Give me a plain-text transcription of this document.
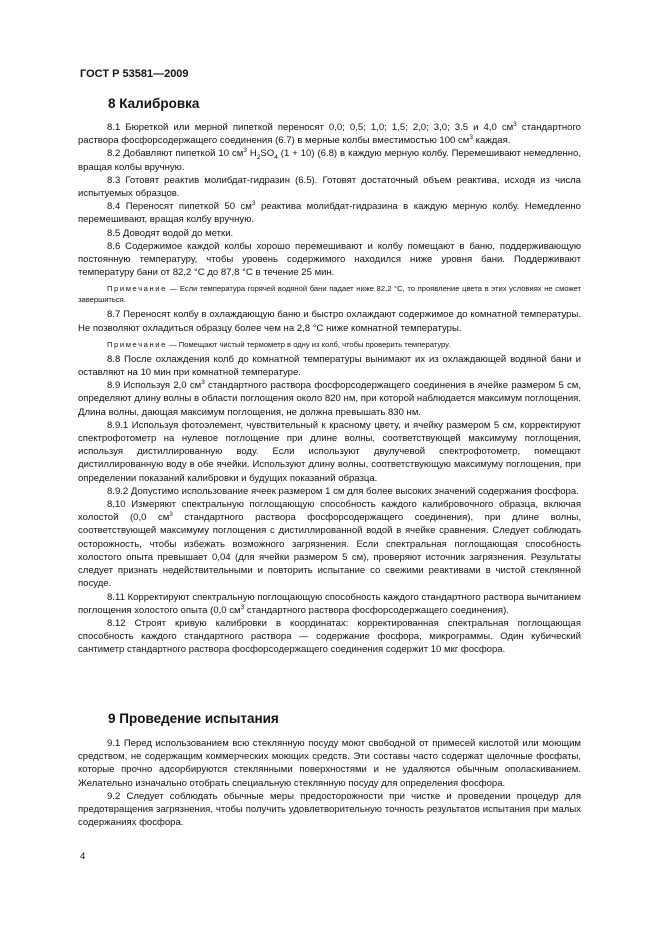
ГОСТ Р 53581—2009
8 Калибровка

8.1 Бюреткой или мерной пипеткой переносят 0,0; 0,5; 1,0; 1,5; 2,0; 3,0; 3.5 и 4,0 $см^3$ стандартного раствора фосфорсодержащего соединения (6.7) в мерные колбы вместимостью 100 $см^3$ каждая.

8.2 Добавляют пипеткой 10 $см^3$ $H_2SO_4$ (1 + 10) (6.8) в каждую мерную колбу. Перемешивают немедленно, вращая колбы вручную.

8.3 Готовят реактив молибдат-гидразин (6.5). Готовят достаточный объем реактива, исходя из числа испытуемых образцов.

8.4 Переносят пипеткой 50 $см^3$ реактива молибдат-гидразина в каждую мерную колбу. Немедленно перемешивают, вращая колбу вручную.

8.5 Доводят водой до метки.

8.6 Содержимое каждой колбы хорошо перемешивают и колбу помещают в баню, поддерживающую постоянную температуру, чтобы уровень содержимого находился ниже уровня бани. Поддерживают температуру бани от 82,2 °С до 87,8 °С в течение 25 мин.

Примечание — Если температура горячей водяной бани падает ниже 82,2 °С, то проявление цвета в этих условиях не сможет завершиться.

8.7 Переносят колбу в охлаждающую баню и быстро охлаждают содержимое до комнатной температуры. Не позволяют охладиться образцу более чем на 2,8 °С ниже комнатной температуры.

Примечание — Помещают чистый термометр в одну из колб, чтобы проверить температуру.

8.8 После охлаждения колб до комнатной температуры вынимают их из охлаждающей водяной бани и оставляют на 10 мин при комнатной температуре.

8.9 Используя 2,0 $см^3$ стандартного раствора фосфорсодержащего соединения в ячейке размером 5 см, определяют длину волны в области поглощения около 820 нм, при которой наблюдается максимум поглощения. Длина волны, дающая максимум поглощения, не должна превышать 830 нм.

8.9.1 Используя фотоэлемент, чувствительный к красному цвету, и ячейку размером 5 см, корректируют спектрофотометр на нулевое поглощение при длине волны, соответствующей максимуму поглощения, используя дистиллированную воду. Если используют двулучевой спектрофотометр, помещают дистиллированную воду в обе ячейки. Используют длину волны, соответствующую максимуму поглощения, при определении показаний калибровки и будущих показаний образца.

8.9.2 Допустимо использование ячеек размером 1 см для более высоких значений содержания фосфора.

8.10 Измеряют спектральную поглощающую способность каждого калибровочного образца, включая холостой (0,0 $см^3$ стандартного раствора фосфорсодержащего соединения), при длине волны, соответствующей максимуму поглощения с дистиллированной водой в ячейке сравнения. Следует соблюдать осторожность, чтобы избежать возможного загрязнения. Если спектральная поглощающая способность холостого опыта превышает 0,04 (для ячейки размером 5 см), проверяют источник загрязнения. Результаты следует признать недействительными и повторить испытание со свежими реактивами в чистой стеклянной посуде.

8.11 Корректируют спектральную поглощающую способность каждого стандартного раствора вычитанием поглощения холостого опыта (0,0 $см^3$ стандартного раствора фосфорсодержащего соединения).

8.12 Строят кривую калибровки в координатах: корректированная спектральная поглощающая способность каждого стандартного раствора — содержание фосфора, микрограммы. Один кубический сантиметр стандартного раствора фосфорсодержащего соединения содержит 10 мкг фосфора.

9 Проведение испытания

9.1 Перед использованием всю стеклянную посуду моют свободной от примесей кислотой или моющим средством, не содержащим коммерческих моющих средств. Эти составы часто содержат щелочные фосфаты, которые прочно адсорбируются стеклянными поверхностями и не удаляются обычным ополаскиванием. Желательно изначально отобрать специальную стеклянную посуду для определения фосфора.

9.2 Следует соблюдать обычные меры предосторожности при чистке и проведении процедур для предотвращения загрязнения, чтобы получить удовлетворительную точность результатов испытания при малых содержаниях фосфора.

4
